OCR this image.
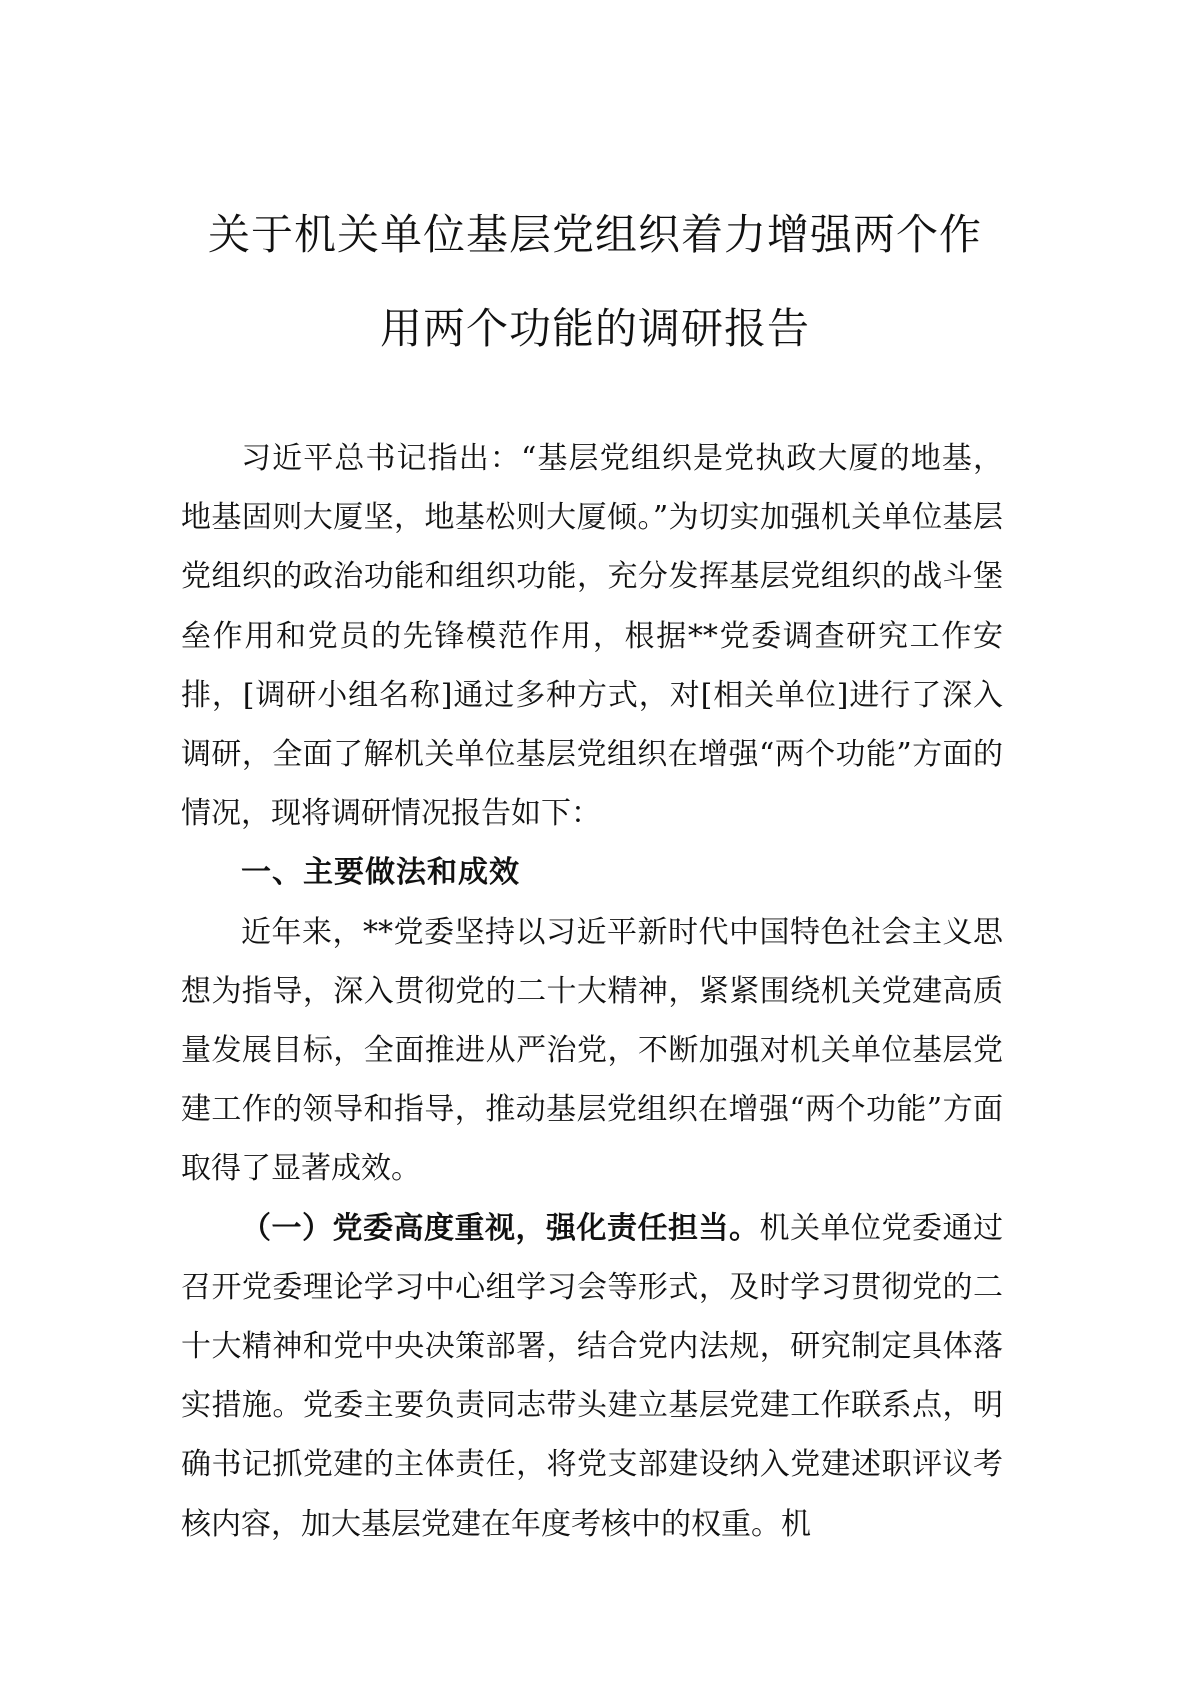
关于机关单位基层党组织着力增强两个作
用两个功能的调研报告

习近平总书记指出：“基层党组织是党执政大厦的地基，地基固则大厦坚，地基松则大厦倾。”为切实加强机关单位基层党组织的政治功能和组织功能，充分发挥基层党组织的战斗堡垒作用和党员的先锋模范作用，根据**党委调查研究工作安排，[调研小组名称]通过多种方式，对[相关单位]进行了深入调研，全面了解机关单位基层党组织在增强“两个功能”方面的情况，现将调研情况报告如下：

一、主要做法和成效

近年来，**党委坚持以习近平新时代中国特色社会主义思想为指导，深入贯彻党的二十大精神，紧紧围绕机关党建高质量发展目标，全面推进从严治党，不断加强对机关单位基层党建工作的领导和指导，推动基层党组织在增强“两个功能”方面取得了显著成效。

（一）党委高度重视，强化责任担当。机关单位党委通过召开党委理论学习中心组学习会等形式，及时学习贯彻党的二十大精神和党中央决策部署，结合党内法规，研究制定具体落实措施。党委主要负责同志带头建立基层党建工作联系点，明确书记抓党建的主体责任，将党支部建设纳入党建述职评议考核内容，加大基层党建在年度考核中的权重。机
